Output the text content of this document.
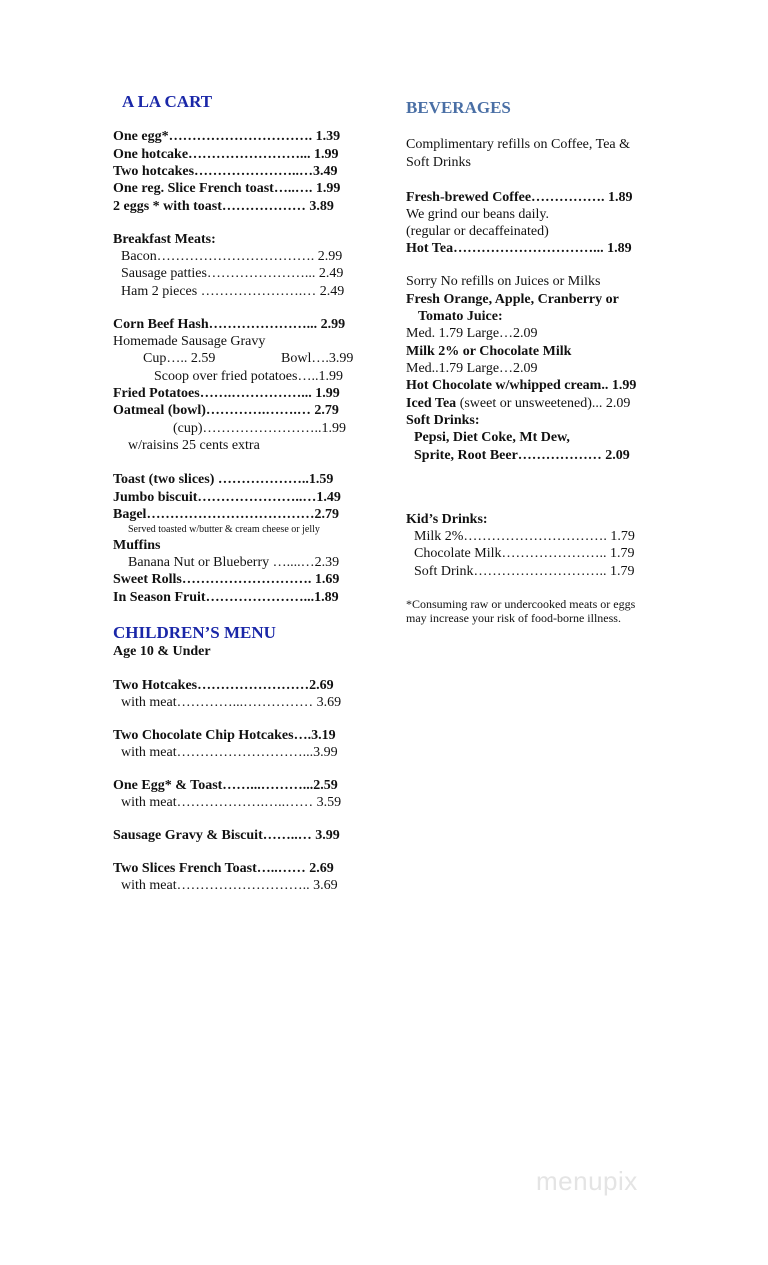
A LA CART
One egg*…………………………. 1.39
One hotcake……………………... 1.99
Two hotcakes…………………..…3.49
One reg. Slice French toast…..…. 1.99
2 eggs * with toast……………… 3.89
Breakfast Meats:
Bacon……………………………. 2.99
Sausage patties…………………... 2.49
Ham 2 pieces ………………….… 2.49
Corn Beef Hash…………………... 2.99
Homemade Sausage Gravy
Cup….. 2.59	Bowl….3.99
Scoop over fried potatoes…..1.99
Fried Potatoes…….……………... 1.99
Oatmeal (bowl)………….…….… 2.79
(cup)……………………..1.99
w/raisins 25 cents extra
Toast (two slices) ………………..1.59
Jumbo biscuit…………………..…1.49
Bagel………………………………2.79
Served toasted w/butter & cream cheese or jelly
Muffins
Banana Nut or Blueberry …....…2.39
Sweet Rolls………………………. 1.69
In Season Fruit…………………...1.89
CHILDREN’S MENU
Age 10 & Under
Two Hotcakes……………………2.69
with meat…………...…………… 3.69
Two Chocolate Chip Hotcakes….3.19
with meat………………………...3.99
One Egg* & Toast……...………...2.59
with meat……………….…..…… 3.59
Sausage Gravy & Biscuit……..… 3.99
Two Slices French Toast…..…… 2.69
with meat……………………….. 3.69
BEVERAGES
Complimentary refills on Coffee, Tea &
Soft Drinks
Fresh-brewed Coffee……………. 1.89
We grind our beans daily.
(regular or decaffeinated)
Hot Tea…………………………... 1.89
Sorry No refills on Juices or Milks
Fresh Orange, Apple, Cranberry or
Tomato Juice:
Med. 1.79 Large…2.09
Milk 2% or Chocolate Milk
Med..1.79 Large…2.09
Hot Chocolate w/whipped cream.. 1.99
Iced Tea (sweet or unsweetened)... 2.09
Soft Drinks:
Pepsi, Diet Coke, Mt Dew,
Sprite, Root Beer……………… 2.09
Kid’s Drinks:
Milk 2%…………………………. 1.79
Chocolate Milk………………….. 1.79
Soft Drink……………………….. 1.79
*Consuming raw or undercooked meats or eggs
may increase your risk of food-borne illness.
menupix
